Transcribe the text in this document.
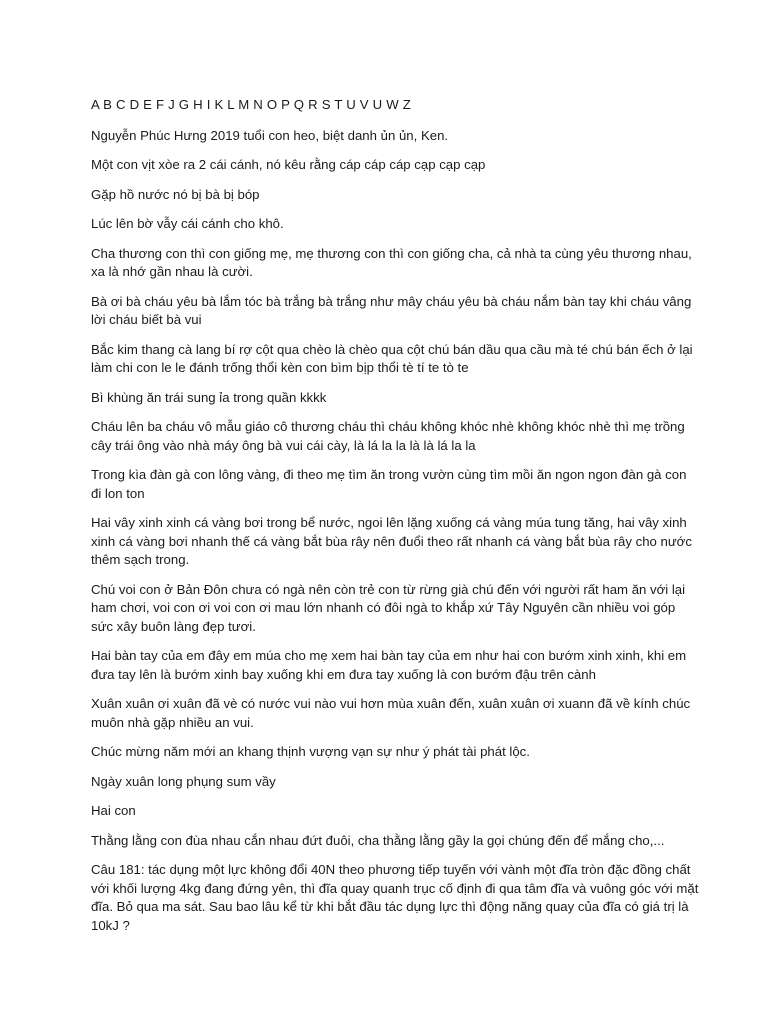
A B C D E F J G H I K L M N O P Q R S T U V U W Z

Nguyễn Phúc Hưng 2019 tuổi con heo, biệt danh ủn ủn, Ken.

Một con vịt xòe ra 2 cái cánh, nó kêu rằng cáp cáp cáp cạp cạp cạp

Gặp hồ nước nó bị bà bị bóp

Lúc lên bờ vẫy cái cánh cho khô.

Cha thương con thì con giống mẹ, mẹ thương con thì con giống cha, cả nhà ta cùng yêu thương nhau, xa là nhớ gần nhau là cười.

Bà ơi bà cháu yêu bà lắm tóc bà trắng bà trắng như mây cháu yêu bà cháu nắm bàn tay khi cháu vâng lời cháu biết bà vui

Bắc kim thang cà lang bí rợ cột qua chèo là chèo qua cột chú bán dầu qua cầu mà té chú bán ếch ở lại làm chi con le le đánh trống thổi kèn con bìm bịp thổi tè tí te tò te

Bì khùng ăn trái sung ỉa trong quần kkkk

Cháu lên ba cháu vô mẫu giáo cô thương cháu thì cháu không khóc nhè không khóc nhè thì mẹ trồng cây trái ông vào nhà máy ông bà vui cái cày, là lá la la là là lá la la

Trong kìa đàn gà con lông vàng, đi theo mẹ tìm ăn trong vườn cùng tìm mồi ăn ngon ngon đàn gà con đi lon ton

Hai vây xinh xinh cá vàng bơi trong bể nước, ngoi lên lặng xuống cá vàng múa tung tăng, hai vây xinh xinh cá vàng bơi nhanh thế cá vàng bắt bùa rây nên đuổi theo rất nhanh cá vàng bắt bùa rây cho nước thêm sạch trong.

Chú voi con ở Bản Đôn chưa có ngà nên còn trẻ con từ rừng già chú đến với người rất ham ăn với lại ham chơi, voi con ơi voi con ơi mau lớn nhanh có đôi ngà to khắp xứ Tây Nguyên cần nhiều voi góp sức xây buôn làng đẹp tươi.

Hai bàn tay của em đây em múa cho mẹ xem hai bàn tay của em như hai con bướm xinh xinh, khi em đưa tay lên là bướm xinh bay xuống khi em đưa tay xuống là con bướm đậu trên cành

Xuân xuân ơi xuân đã vè có nước vui nào vui hơn mùa xuân đến, xuân xuân ơi xuann đã về kính chúc muôn nhà gặp nhiều an vui.

Chúc mừng năm mới an khang thịnh vượng vạn sự như ý phát tài phát lộc.

Ngày xuân long phụng sum vầy

Hai con

Thằng lằng con đùa nhau cắn nhau đứt đuôi, cha thằng lằng gầy la gọi chúng đến để mắng cho,...

Câu 181: tác dụng một lực không đổi 40N theo phương tiếp tuyến với vành một đĩa tròn đặc đồng chất với khối lượng 4kg đang đứng yên, thì đĩa quay quanh trục cố định đi qua tâm đĩa và vuông góc với mặt đĩa. Bỏ qua ma sát. Sau bao lâu kể từ khi bắt đầu tác dụng lực thì động năng quay của đĩa có giá trị là 10kJ ?
